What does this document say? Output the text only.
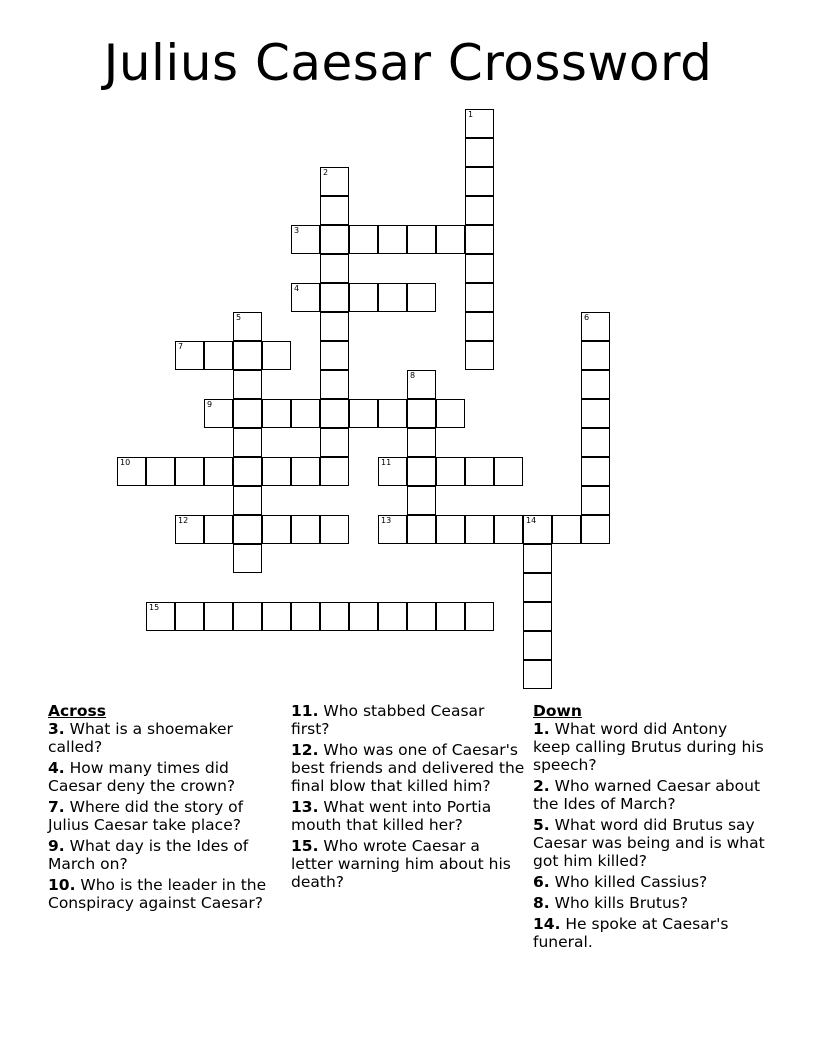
Julius Caesar Crossword
1
2
3
4
5	6
7
8
9
10	11
12	13	14
15
Across
3. What is a shoemaker called?
4. How many times did Caesar deny the crown?
7. Where did the story of Julius Caesar take place?
9. What day is the Ides of March on?
10. Who is the leader in the Conspiracy against Caesar?
11. Who stabbed Ceasar first?
12. Who was one of Caesar's best friends and delivered the final blow that killed him?
13. What went into Portia mouth that killed her?
15. Who wrote Caesar a letter warning him about his death?
Down
1. What word did Antony keep calling Brutus during his speech?
2. Who warned Caesar about the Ides of March?
5. What word did Brutus say Caesar was being and is what got him killed?
6. Who killed Cassius?
8. Who kills Brutus?
14. He spoke at Caesar's funeral.
